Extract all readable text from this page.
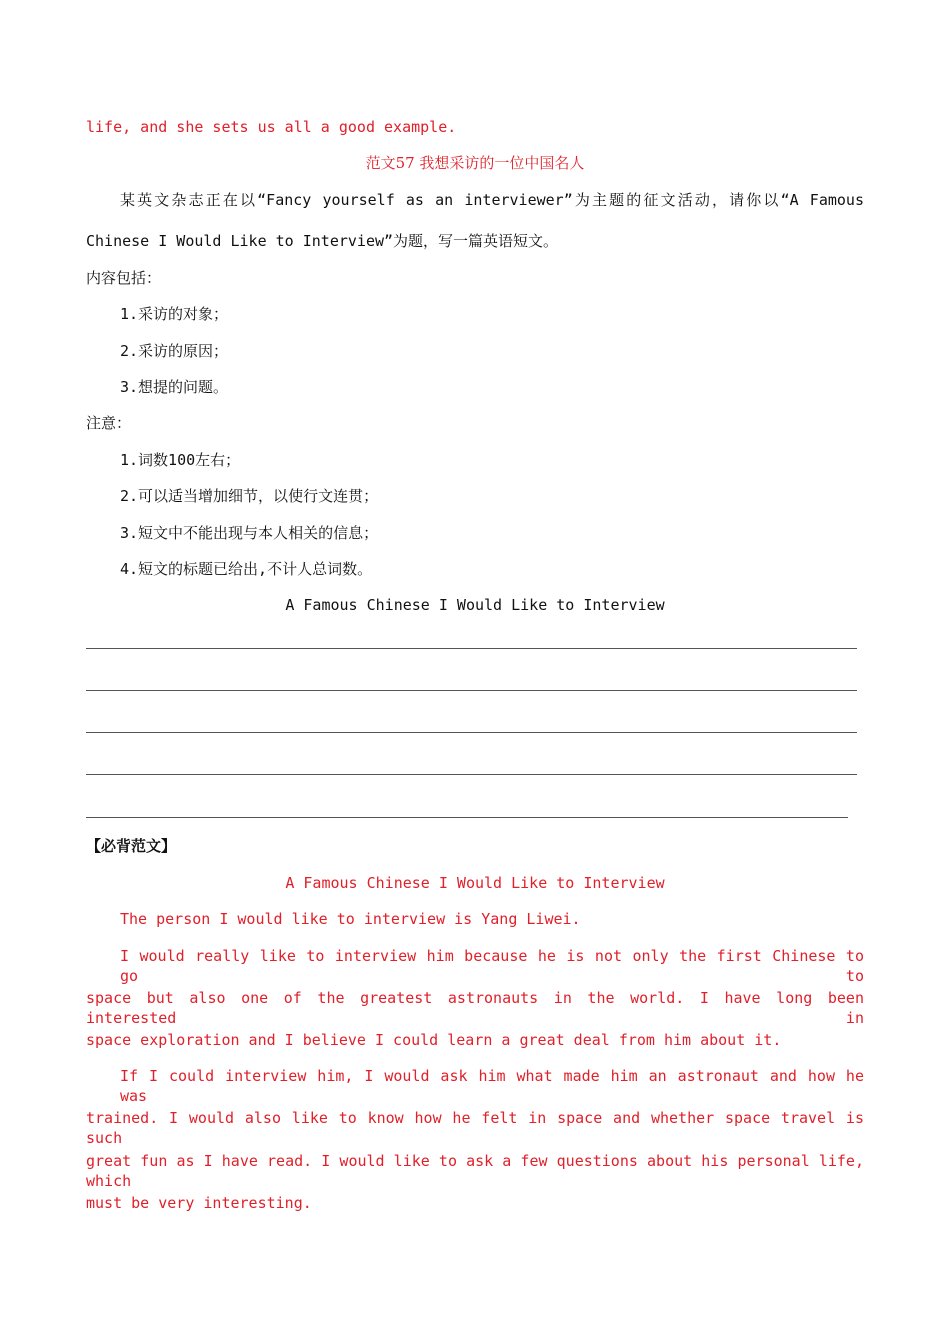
life, and she sets us all a good example.
范文57 我想采访的一位中国名人
某英文杂志正在以“Fancy yourself as an interviewer”为主题的征文活动，请你以“A Famous
Chinese I Would Like to Interview”为题，写一篇英语短文。
内容包括：
1.采访的对象；
2.采访的原因；
3.想提的问题。
注意：
1.词数100左右；
2.可以适当增加细节，以使行文连贯；
3.短文中不能出现与本人相关的信息；
4.短文的标题已给出,不计人总词数。
A Famous Chinese I Would Like to Interview
【必背范文】
A Famous Chinese I Would Like to Interview
The person I would like to interview is Yang Liwei.
I would really like to interview him because he is not only the first Chinese to go to
space but also one of the greatest astronauts in the world. I have long been interested in
space exploration and I believe I could learn a great deal from him about it.
If I could interview him, I would ask him what made him an astronaut and how he was
trained. I would also like to know how he felt in space and whether space travel is such
great fun as I have read. I would like to ask a few questions about his personal life, which
must be very interesting.
